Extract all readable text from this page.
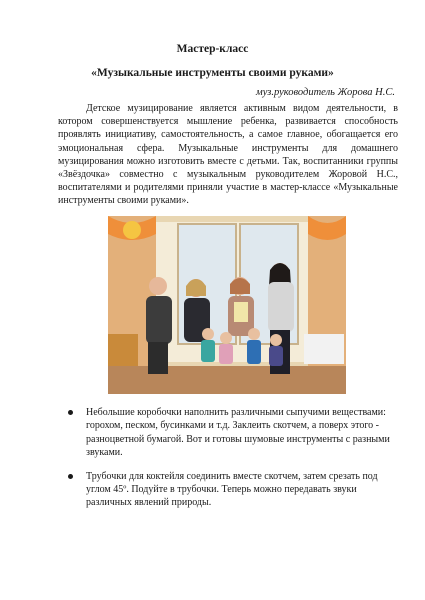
Мастер-класс
«Музыкальные инструменты своими руками»
муз.руководитель Жорова Н.С.

Детское музицирование является активным видом деятельности, в котором совершенствуется мышление ребенка, развивается способность проявлять инициативу, самостоятельность, а самое главное, обогащается его эмоциональная сфера. Музыкальные инструменты для домашнего музицирования можно изготовить вместе с детьми. Так, воспитанники группы «Звёздочка» совместно с музыкальным руководителем Жоровой Н.С., воспитателями и родителями приняли участие в мастер-классе «Музыкальные инструменты своими руками».

Небольшие коробочки наполнить различными сыпучими веществами: горохом, песком, бусинками и т.д. Заклеить скотчем, а поверх этого - разноцветной бумагой. Вот и готовы шумовые инструменты с разными звуками.
Трубочки для коктейля соединить вместе скотчем, затем срезать под углом 45º. Подуйте в трубочки. Теперь можно передавать звуки различных явлений природы.
